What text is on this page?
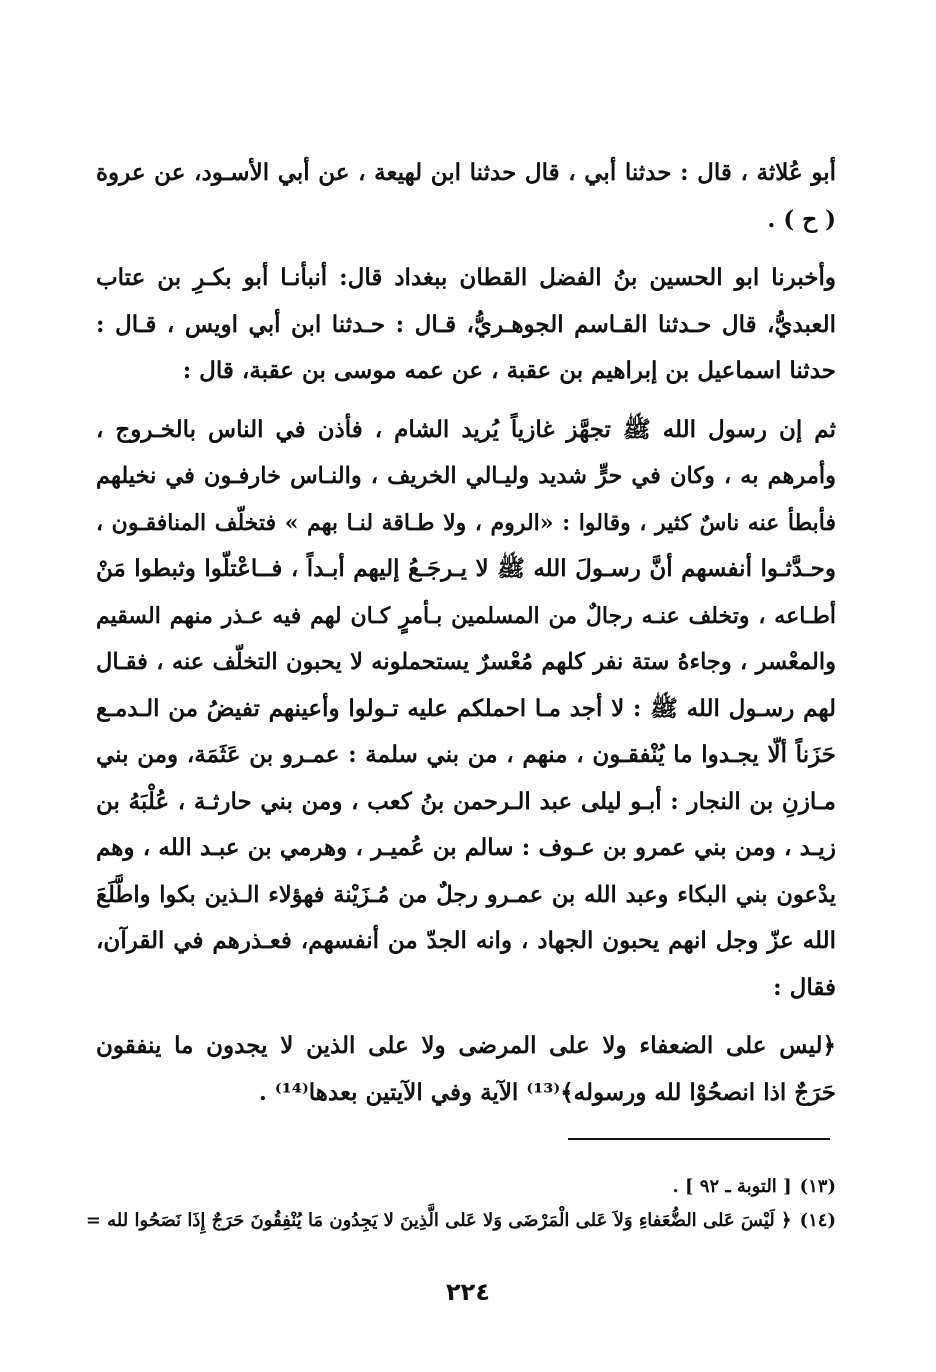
أبو عُلاثة ، قال : حدثنا أبي ، قال حدثنا ابن لهيعة ، عن أبي الأسـود، عن عروة
( ح ) .

وأخبرنا ابو الحسين بنُ الفضل القطان ببغداد قال: أنبأنـا أبو بكـرِ بن عتاب
العبديُّ، قال حـدثنا القـاسم الجوهـريُّ، قـال : حـدثنا ابن أبي اويس ، قـال :
حدثنا اسماعيل بن إبراهيم بن عقبة ، عن عمه موسى بن عقبة، قال :

ثم إن رسول الله ﷺ تجهَّز غازياً يُريد الشام ، فأذن في الناس بالخـروج ،
وأمرهم به ، وكان في حرٍّ شديد وليـالي الخريف ، والنـاس خارفـون في نخيلهم
فأبطأ عنه ناسٌ كثير ، وقالوا : «الروم ، ولا طـاقة لنـا بهم » فتخلّف المنافقـون ،
وحـدَّثـوا أنفسهم أنَّ رسـولَ الله ﷺ لا يـرجَـعُ إليهم أبـداً ، فــاعْتلّوا وثبطوا مَنْ
أطـاعه ، وتخلف عنـه رجالٌ من المسلمين بـأمرٍ كـان لهم فيه عـذر منهم السقيم
والمعْسر ، وجاءهُ ستة نفر كلهم مُعْسرٌ يستحملونه لا يحبون التخلّف عنه ، فقـال
لهم رسـول الله ﷺ : لا أجد مـا احملكم عليه تـولوا وأعينهم تفيضُ من الـدمـع
حَزَناً ألّا يجـدوا ما يُنْفقـون ، منهم ، من بني سلمة : عمـرو بن عَثَمَة، ومن بني
مـازنِ بن النجار : أبـو ليلى عبد الـرحمن بنُ كعب ، ومن بني حارثـة ، عُلْبَهُ بن
زيـد ، ومن بني عمرو بن عـوف : سالم بن عُميـر ، وهرمي بن عبـد الله ، وهم
يدْعون بني البكاء وعبد الله بن عمـرو رجلٌ من مُـزَيْنة فهؤلاء الـذين بكوا واطَّلَعَ
الله عزّ وجل انهم يحبون الجهاد ، وانه الجدّ من أنفسهم، فعـذرهم في القرآن،
فقال :

﴿ليس على الضعفاء ولا على المرضى ولا على الذين لا يجدون ما ينفقون
حَرَجٌ اذا انصحُوْا لله ورسوله﴾⁽¹³⁾ الآية وفي الآيتين بعدها⁽¹⁴⁾ .

(١٣)[ التوبة ـ ٩٢ ] .
(١٤)﴿ لَيْسَ عَلى الضُّعَفاءِ وَلاَ عَلى الْمَرْضَى وَلا عَلى الَّذِينَ لا يَجِدُون مَا يُنْفِقُونَ حَرَجٌ إِذَا نَصَحُوا لله =
٢٢٤
